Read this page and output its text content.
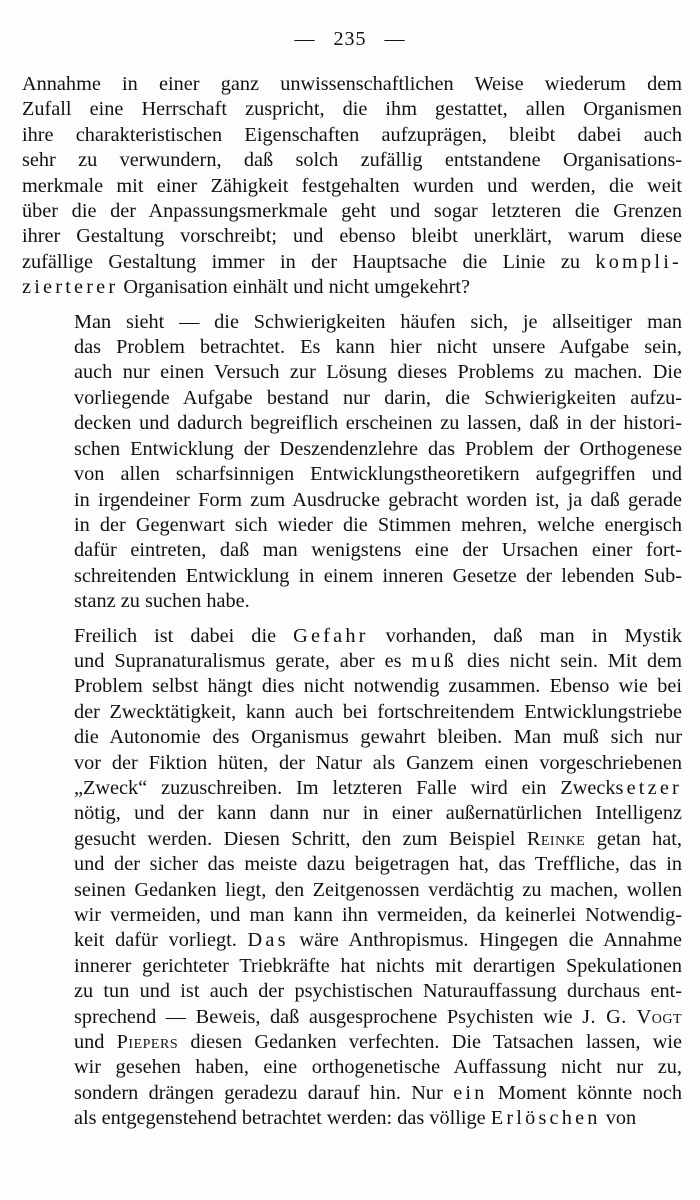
— 235 —

Annahme in einer ganz unwissenschaftlichen Weise wiederum dem
Zufall eine Herrschaft zuspricht, die ihm gestattet, allen Organismen
ihre charakteristischen Eigenschaften aufzuprägen, bleibt dabei auch
sehr zu verwundern, daß solch zufällig entstandene Organisations-
merkmale mit einer Zähigkeit festgehalten wurden und werden, die weit
über die der Anpassungsmerkmale geht und sogar letzteren die Grenzen
ihrer Gestaltung vorschreibt; und ebenso bleibt unerklärt, warum diese
zufällige Gestaltung immer in der Hauptsache die Linie zu kompli-
zierterer Organisation einhält und nicht umgekehrt?

Man sieht — die Schwierigkeiten häufen sich, je allseitiger man
das Problem betrachtet. Es kann hier nicht unsere Aufgabe sein,
auch nur einen Versuch zur Lösung dieses Problems zu machen. Die
vorliegende Aufgabe bestand nur darin, die Schwierigkeiten aufzu-
decken und dadurch begreiflich erscheinen zu lassen, daß in der histori-
schen Entwicklung der Deszendenzlehre das Problem der Orthogenese
von allen scharfsinnigen Entwicklungstheoretikern aufgegriffen und
in irgendeiner Form zum Ausdrucke gebracht worden ist, ja daß gerade
in der Gegenwart sich wieder die Stimmen mehren, welche energisch
dafür eintreten, daß man wenigstens eine der Ursachen einer fort-
schreitenden Entwicklung in einem inneren Gesetze der lebenden Sub-
stanz zu suchen habe.

Freilich ist dabei die Gefahr vorhanden, daß man in Mystik
und Supranaturalismus gerate, aber es muß dies nicht sein. Mit dem
Problem selbst hängt dies nicht notwendig zusammen. Ebenso wie bei
der Zwecktätigkeit, kann auch bei fortschreitendem Entwicklungstriebe
die Autonomie des Organismus gewahrt bleiben. Man muß sich nur
vor der Fiktion hüten, der Natur als Ganzem einen vorgeschriebenen
„Zweck“ zuzuschreiben. Im letzteren Falle wird ein Zwecksetzer
nötig, und der kann dann nur in einer außernatürlichen Intelligenz
gesucht werden. Diesen Schritt, den zum Beispiel Reinke getan hat,
und der sicher das meiste dazu beigetragen hat, das Treffliche, das in
seinen Gedanken liegt, den Zeitgenossen verdächtig zu machen, wollen
wir vermeiden, und man kann ihn vermeiden, da keinerlei Notwendig-
keit dafür vorliegt. Das wäre Anthropismus. Hingegen die Annahme
innerer gerichteter Triebkräfte hat nichts mit derartigen Spekulationen
zu tun und ist auch der psychistischen Naturauffassung durchaus ent-
sprechend — Beweis, daß ausgesprochene Psychisten wie J. G. Vogt
und Piepers diesen Gedanken verfechten. Die Tatsachen lassen, wie
wir gesehen haben, eine orthogenetische Auffassung nicht nur zu,
sondern drängen geradezu darauf hin. Nur ein Moment könnte noch
als entgegenstehend betrachtet werden: das völlige Erlöschen von
